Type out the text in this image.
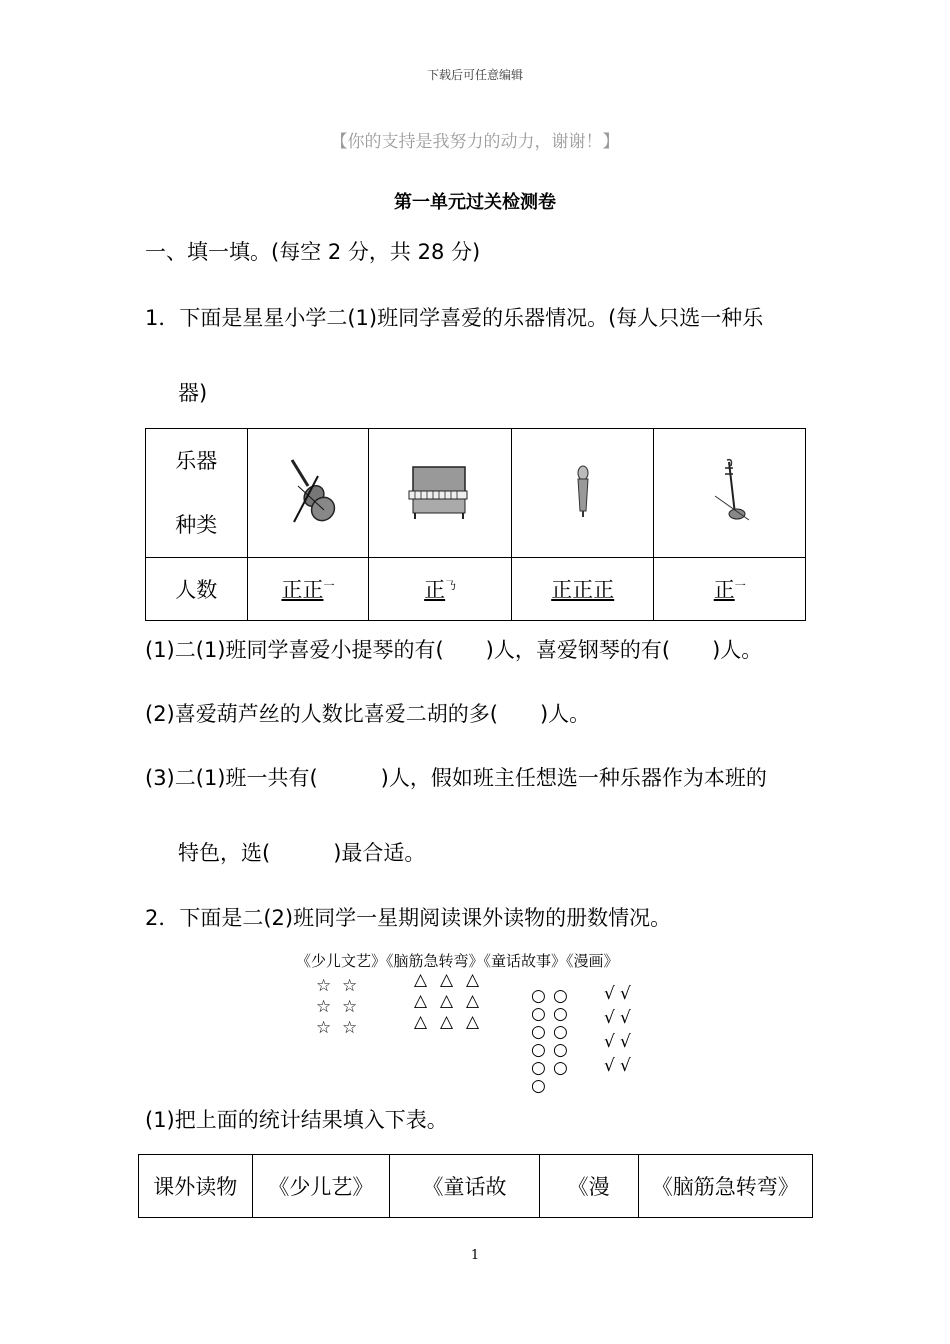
下载后可任意编辑
【你的支持是我努力的动力，谢谢！】
第一单元过关检测卷
一、填一填。(每空 2 分，共 28 分)
1．下面是星星小学二(1)班同学喜爱的乐器情况。(每人只选一种乐
器)
乐器
种类

人数	正正$^一$	正$^𠄎$	正正正	正$^一$
(1)二(1)班同学喜爱小提琴的有(　　)人，喜爱钢琴的有(　　)人。
(2)喜爱葫芦丝的人数比喜爱二胡的多(　　)人。
(3)二(1)班一共有(　　　)人，假如班主任想选一种乐器作为本班的
特色，选(　　　)最合适。
2．下面是二(2)班同学一星期阅读课外读物的册数情况。
《少儿文艺》《脑筋急转弯》《童话故事》《漫画》
☆ ☆
☆ ☆
☆ ☆
△ △ △
△ △ △
△ △ △
○ ○
○ ○
○ ○
○ ○
○ ○
○
√ √
√ √
√ √
√ √
(1)把上面的统计结果填入下表。
课外读物	《少儿艺》	《童话故	《漫	《脑筋急转弯》
1
